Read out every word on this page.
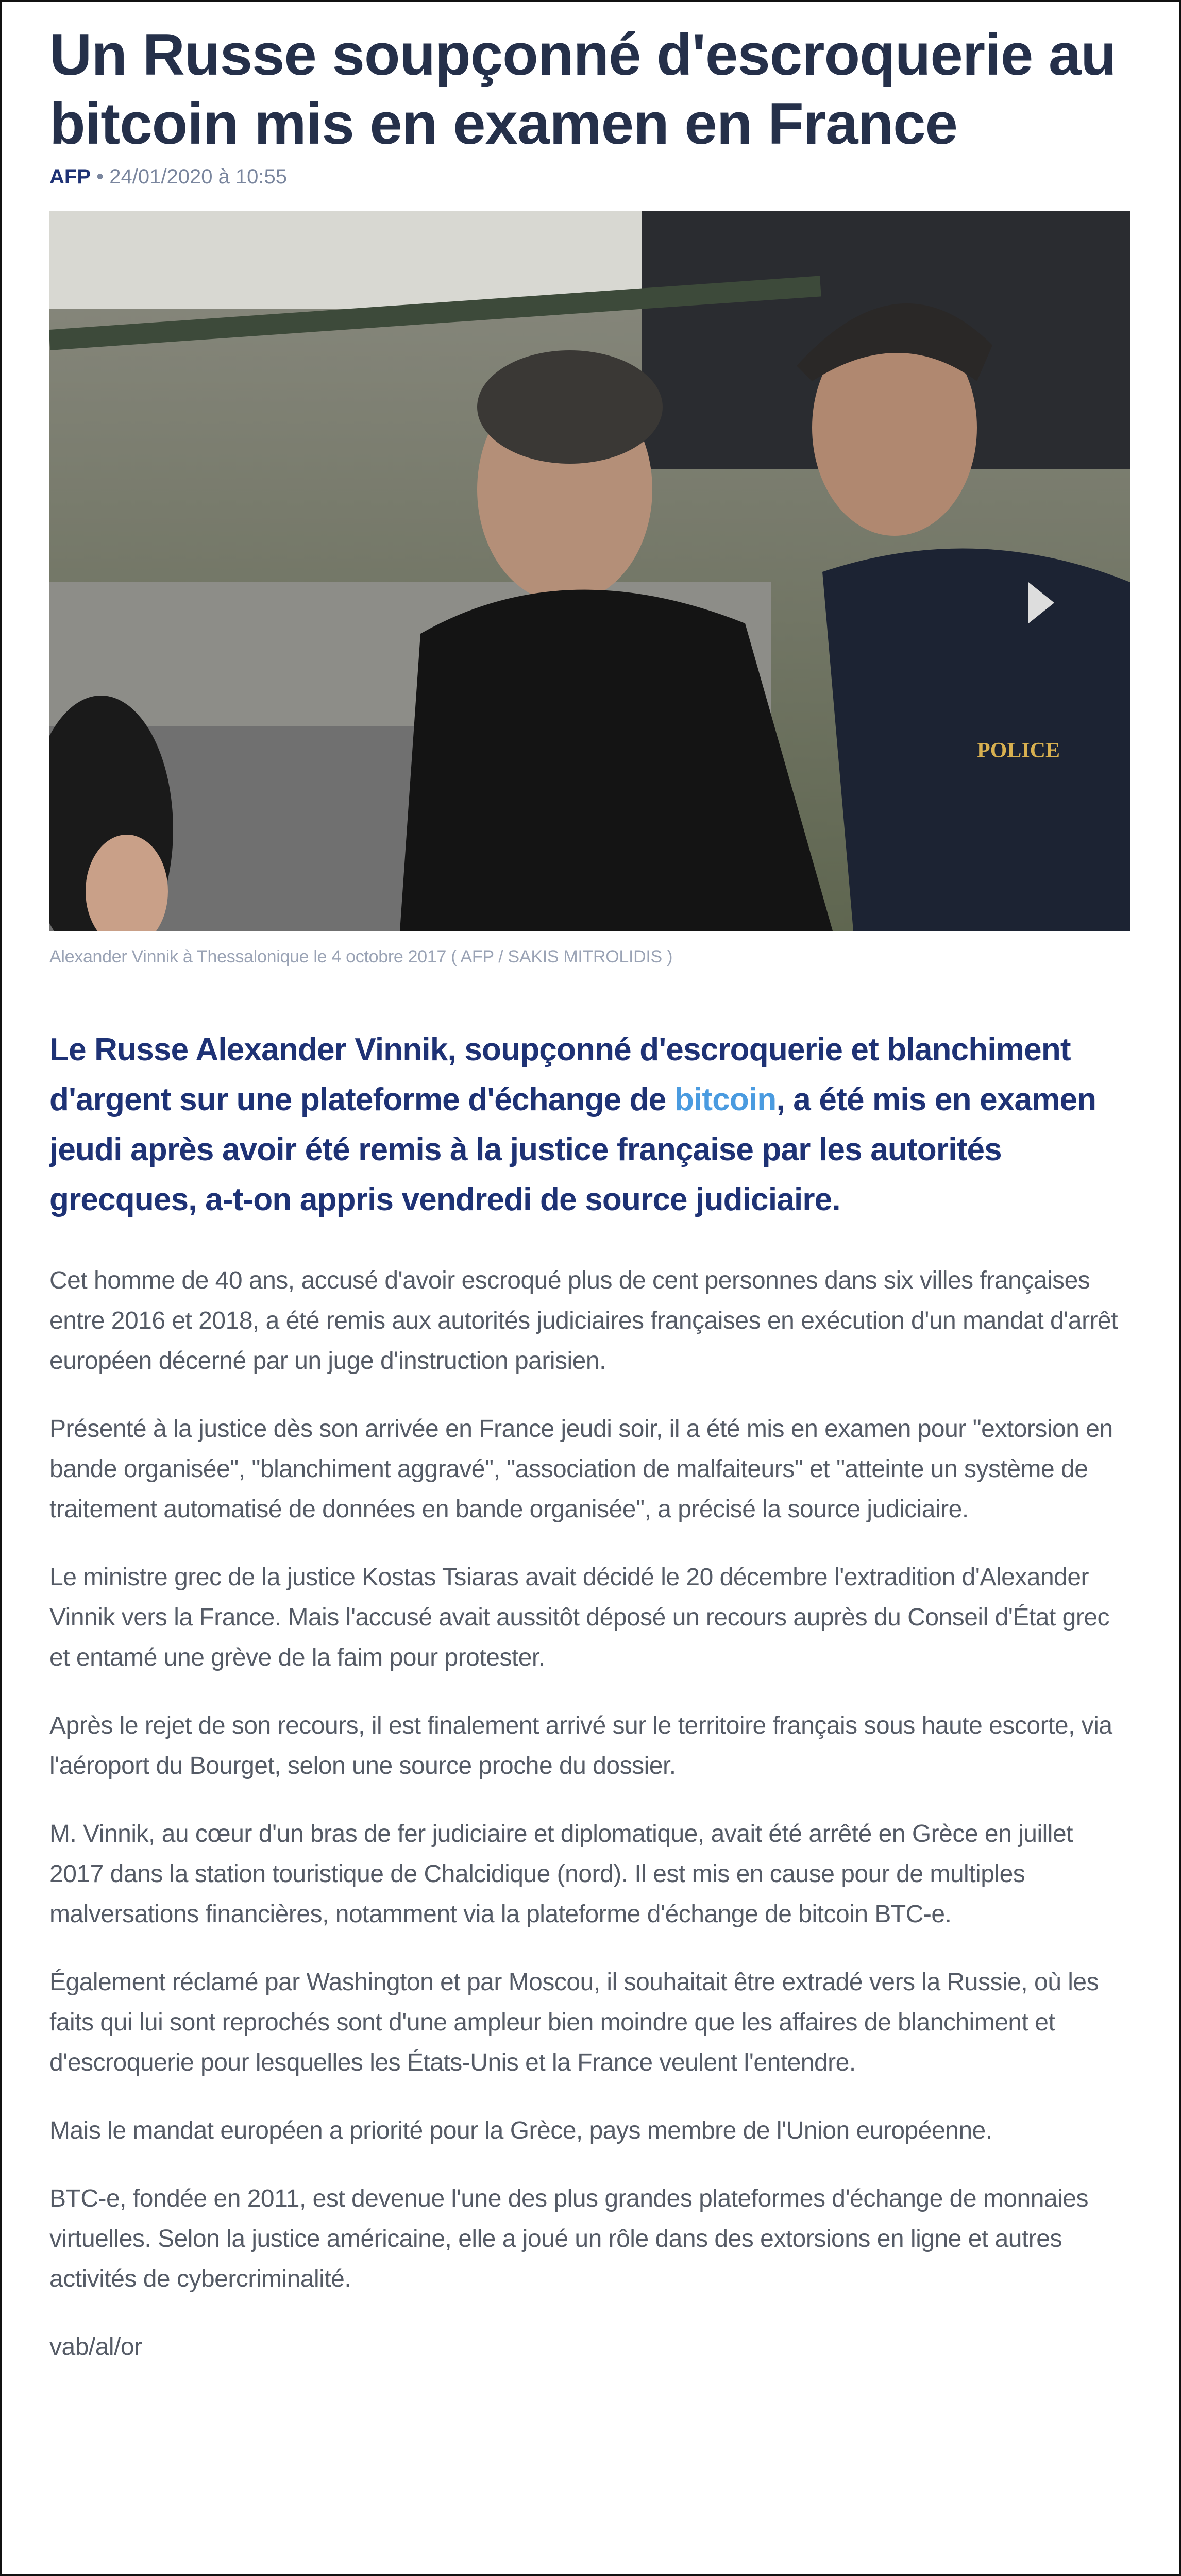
Un Russe soupçonné d'escroquerie au bitcoin mis en examen en France
AFP • 24/01/2020 à 10:55
POLICE
Alexander Vinnik à Thessalonique le 4 octobre 2017 ( AFP / SAKIS MITROLIDIS )
Le Russe Alexander Vinnik, soupçonné d'escroquerie et blanchiment d'argent sur une plateforme d'échange de bitcoin, a été mis en examen jeudi après avoir été remis à la justice française par les autorités grecques, a-t-on appris vendredi de source judiciaire.

Cet homme de 40 ans, accusé d'avoir escroqué plus de cent personnes dans six villes françaises entre 2016 et 2018, a été remis aux autorités judiciaires françaises en exécution d'un mandat d'arrêt européen décerné par un juge d'instruction parisien.

Présenté à la justice dès son arrivée en France jeudi soir, il a été mis en examen pour "extorsion en bande organisée", "blanchiment aggravé", "association de malfaiteurs" et "atteinte un système de traitement automatisé de données en bande organisée", a précisé la source judiciaire.

Le ministre grec de la justice Kostas Tsiaras avait décidé le 20 décembre l'extradition d'Alexander Vinnik vers la France. Mais l'accusé avait aussitôt déposé un recours auprès du Conseil d'État grec et entamé une grève de la faim pour protester.

Après le rejet de son recours, il est finalement arrivé sur le territoire français sous haute escorte, via l'aéroport du Bourget, selon une source proche du dossier.

M. Vinnik, au cœur d'un bras de fer judiciaire et diplomatique, avait été arrêté en Grèce en juillet 2017 dans la station touristique de Chalcidique (nord). Il est mis en cause pour de multiples malversations financières, notamment via la plateforme d'échange de bitcoin BTC-e.

Également réclamé par Washington et par Moscou, il souhaitait être extradé vers la Russie, où les faits qui lui sont reprochés sont d'une ampleur bien moindre que les affaires de blanchiment et d'escroquerie pour lesquelles les États-Unis et la France veulent l'entendre.

Mais le mandat européen a priorité pour la Grèce, pays membre de l'Union européenne.

BTC-e, fondée en 2011, est devenue l'une des plus grandes plateformes d'échange de monnaies virtuelles. Selon la justice américaine, elle a joué un rôle dans des extorsions en ligne et autres activités de cybercriminalité.

vab/al/or
